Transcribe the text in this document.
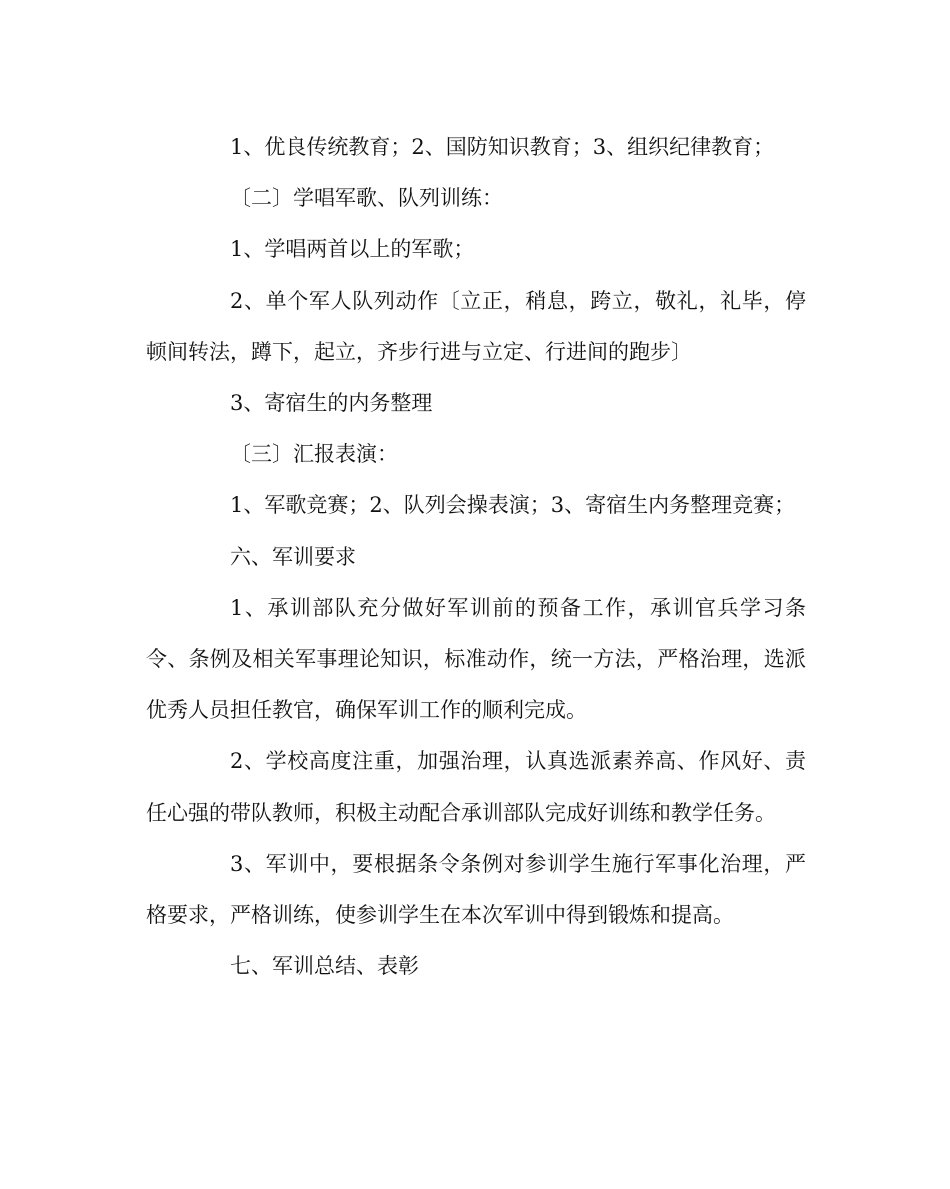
1、优良传统教育；2、国防知识教育；3、组织纪律教育；

〔二〕学唱军歌、队列训练：

1、学唱两首以上的军歌；

2、单个军人队列动作〔立正，稍息，跨立，敬礼，礼毕，停顿间转法，蹲下，起立，齐步行进与立定、行进间的跑步〕

3、寄宿生的内务整理

〔三〕汇报表演：

1、军歌竞赛；2、队列会操表演；3、寄宿生内务整理竞赛；

六、军训要求

1、承训部队充分做好军训前的预备工作，承训官兵学习条令、条例及相关军事理论知识，标准动作，统一方法，严格治理，选派优秀人员担任教官，确保军训工作的顺利完成。

2、学校高度注重，加强治理，认真选派素养高、作风好、责任心强的带队教师，积极主动配合承训部队完成好训练和教学任务。

3、军训中，要根据条令条例对参训学生施行军事化治理，严格要求，严格训练，使参训学生在本次军训中得到锻炼和提高。

七、军训总结、表彰
